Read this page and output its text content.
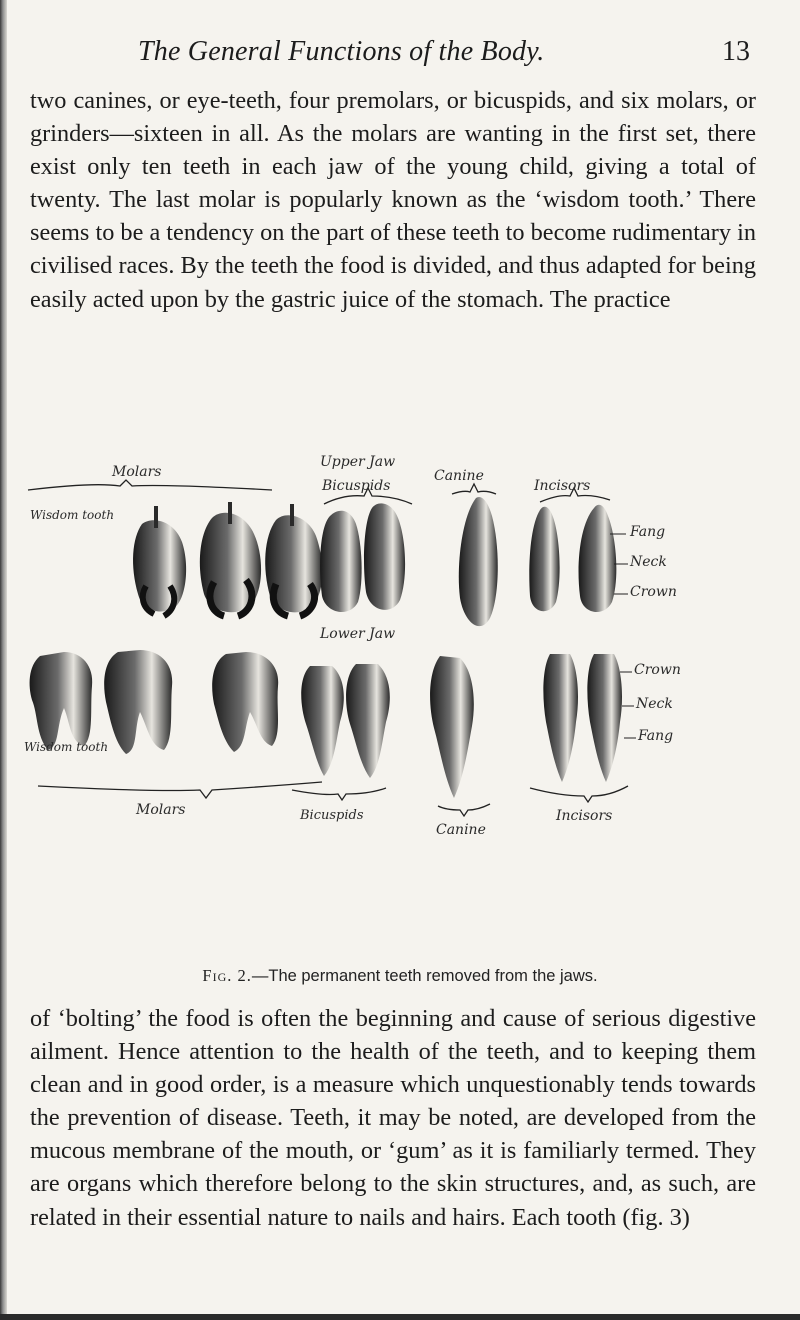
The General Functions of the Body.	13

two canines, or eye-teeth, four premolars, or bicuspids, and six molars, or grinders—sixteen in all. As the molars are wanting in the first set, there exist only ten teeth in each jaw of the young child, giving a total of twenty. The last molar is popularly known as the ‘wisdom tooth.’ There seems to be a tendency on the part of these teeth to become rudimentary in civilised races. By the teeth the food is divided, and thus adapted for being easily acted upon by the gastric juice of the stomach. The practice

Upper Jaw
Molars
Bicuspids
Canine
Incisors
Wisdom tooth
Fang
Neck
Crown
Lower Jaw
Wisdom tooth
Molars	Bicuspids
Canine
Incisors
Crown
Neck
Fang
Fig. 2.—The permanent teeth removed from the jaws.

of ‘bolting’ the food is often the beginning and cause of serious digestive ailment. Hence attention to the health of the teeth, and to keeping them clean and in good order, is a measure which unquestionably tends towards the prevention of disease. Teeth, it may be noted, are developed from the mucous membrane of the mouth, or ‘gum’ as it is familiarly termed. They are organs which therefore belong to the skin structures, and, as such, are related in their essential nature to nails and hairs. Each tooth (fig. 3)
